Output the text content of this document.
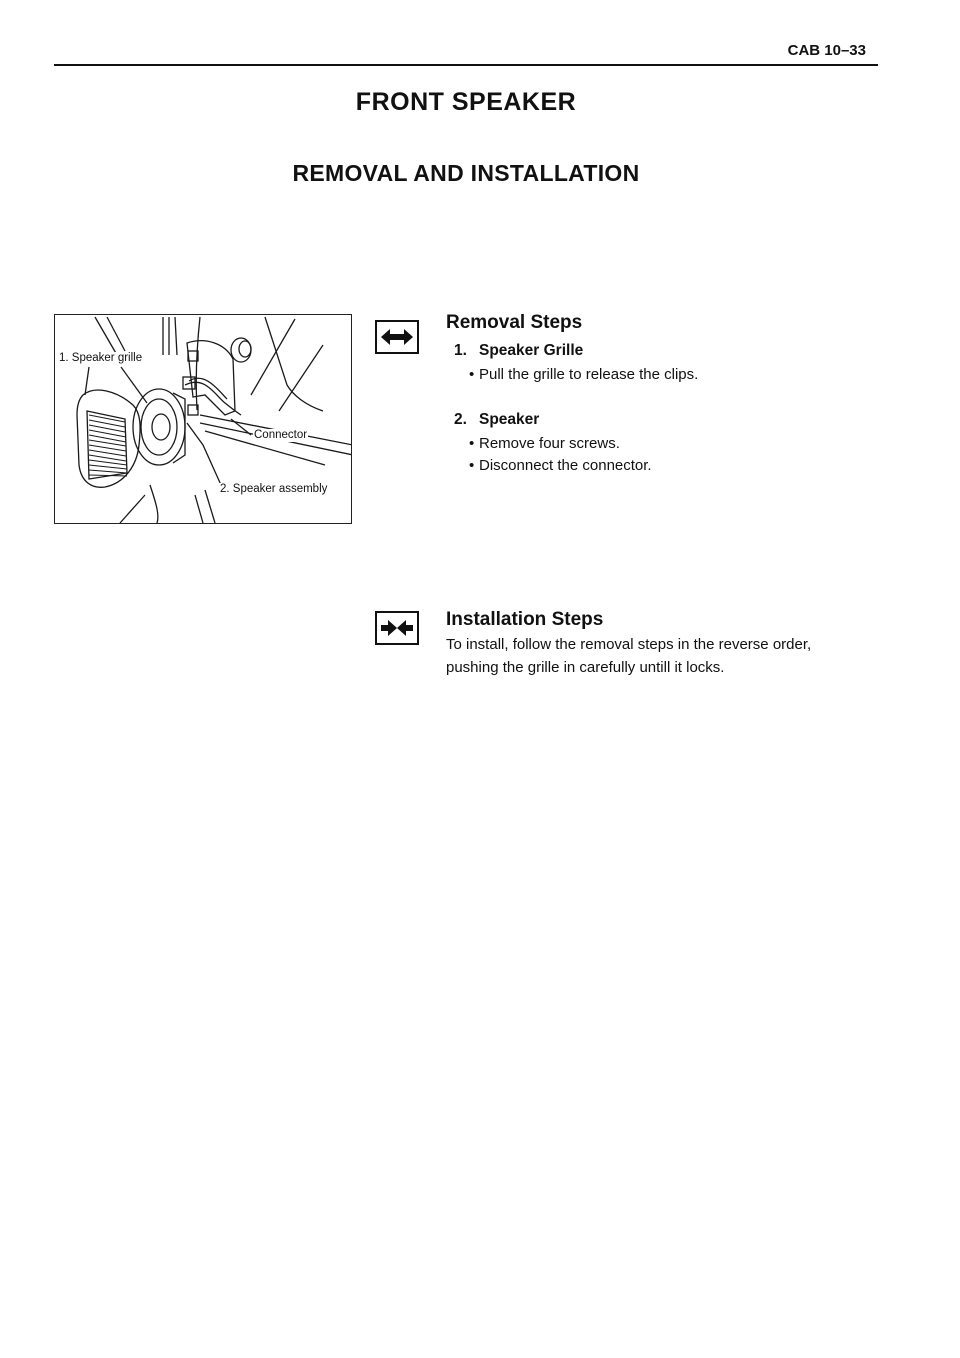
CAB 10–33
FRONT SPEAKER
REMOVAL AND INSTALLATION
1. Speaker grille
Connector
2. Speaker assembly
Removal Steps
1. Speaker Grille
• Pull the grille to release the clips.
2. Speaker
• Remove four screws.
• Disconnect the connector.
Installation Steps
To install, follow the removal steps in the reverse order,
pushing the grille in carefully untill it locks.
